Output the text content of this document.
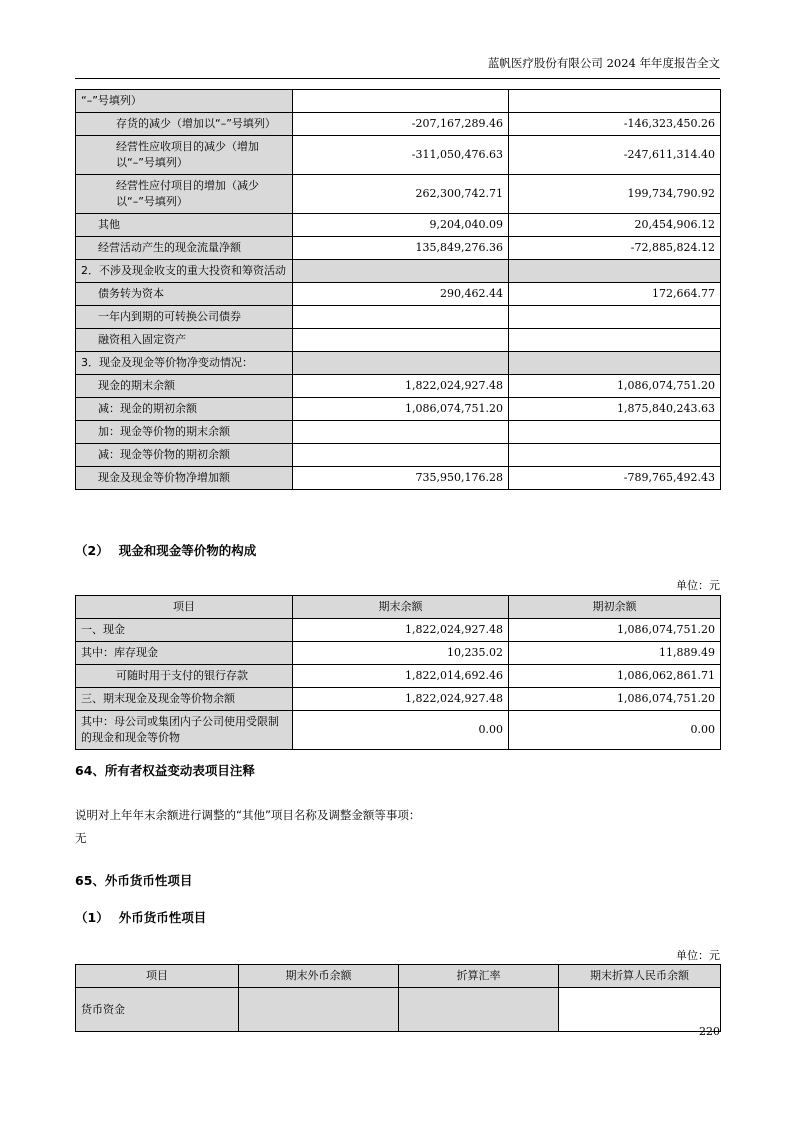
蓝帆医疗股份有限公司 2024 年年度报告全文
“–”号填列）		
存货的减少（增加以“–”号填列）	-207,167,289.46	-146,323,450.26
经营性应收项目的减少（增加以“–”号填列）	-311,050,476.63	-247,611,314.40
经营性应付项目的增加（减少以“–”号填列）	262,300,742.71	199,734,790.92
其他	9,204,040.09	20,454,906.12
经营活动产生的现金流量净额	135,849,276.36	-72,885,824.12
2．不涉及现金收支的重大投资和筹资活动		
债务转为资本	290,462.44	172,664.77
一年内到期的可转换公司债券		
融资租入固定资产		
3．现金及现金等价物净变动情况：		
现金的期末余额	1,822,024,927.48	1,086,074,751.20
减：现金的期初余额	1,086,074,751.20	1,875,840,243.63
加：现金等价物的期末余额		
减：现金等价物的期初余额		
现金及现金等价物净增加额	735,950,176.28	-789,765,492.43
（2） 现金和现金等价物的构成
单位：元
项目	期末余额	期初余额
一、现金	1,822,024,927.48	1,086,074,751.20
其中：库存现金	10,235.02	11,889.49
可随时用于支付的银行存款	1,822,014,692.46	1,086,062,861.71
三、期末现金及现金等价物余额	1,822,024,927.48	1,086,074,751.20
其中：母公司或集团内子公司使用受限制的现金和现金等价物	0.00	0.00
64、所有者权益变动表项目注释
说明对上年年末余额进行调整的“其他”项目名称及调整金额等事项：
无
65、外币货币性项目
（1） 外币货币性项目
单位：元
项目	期末外币余额	折算汇率	期末折算人民币余额
货币资金			
220
